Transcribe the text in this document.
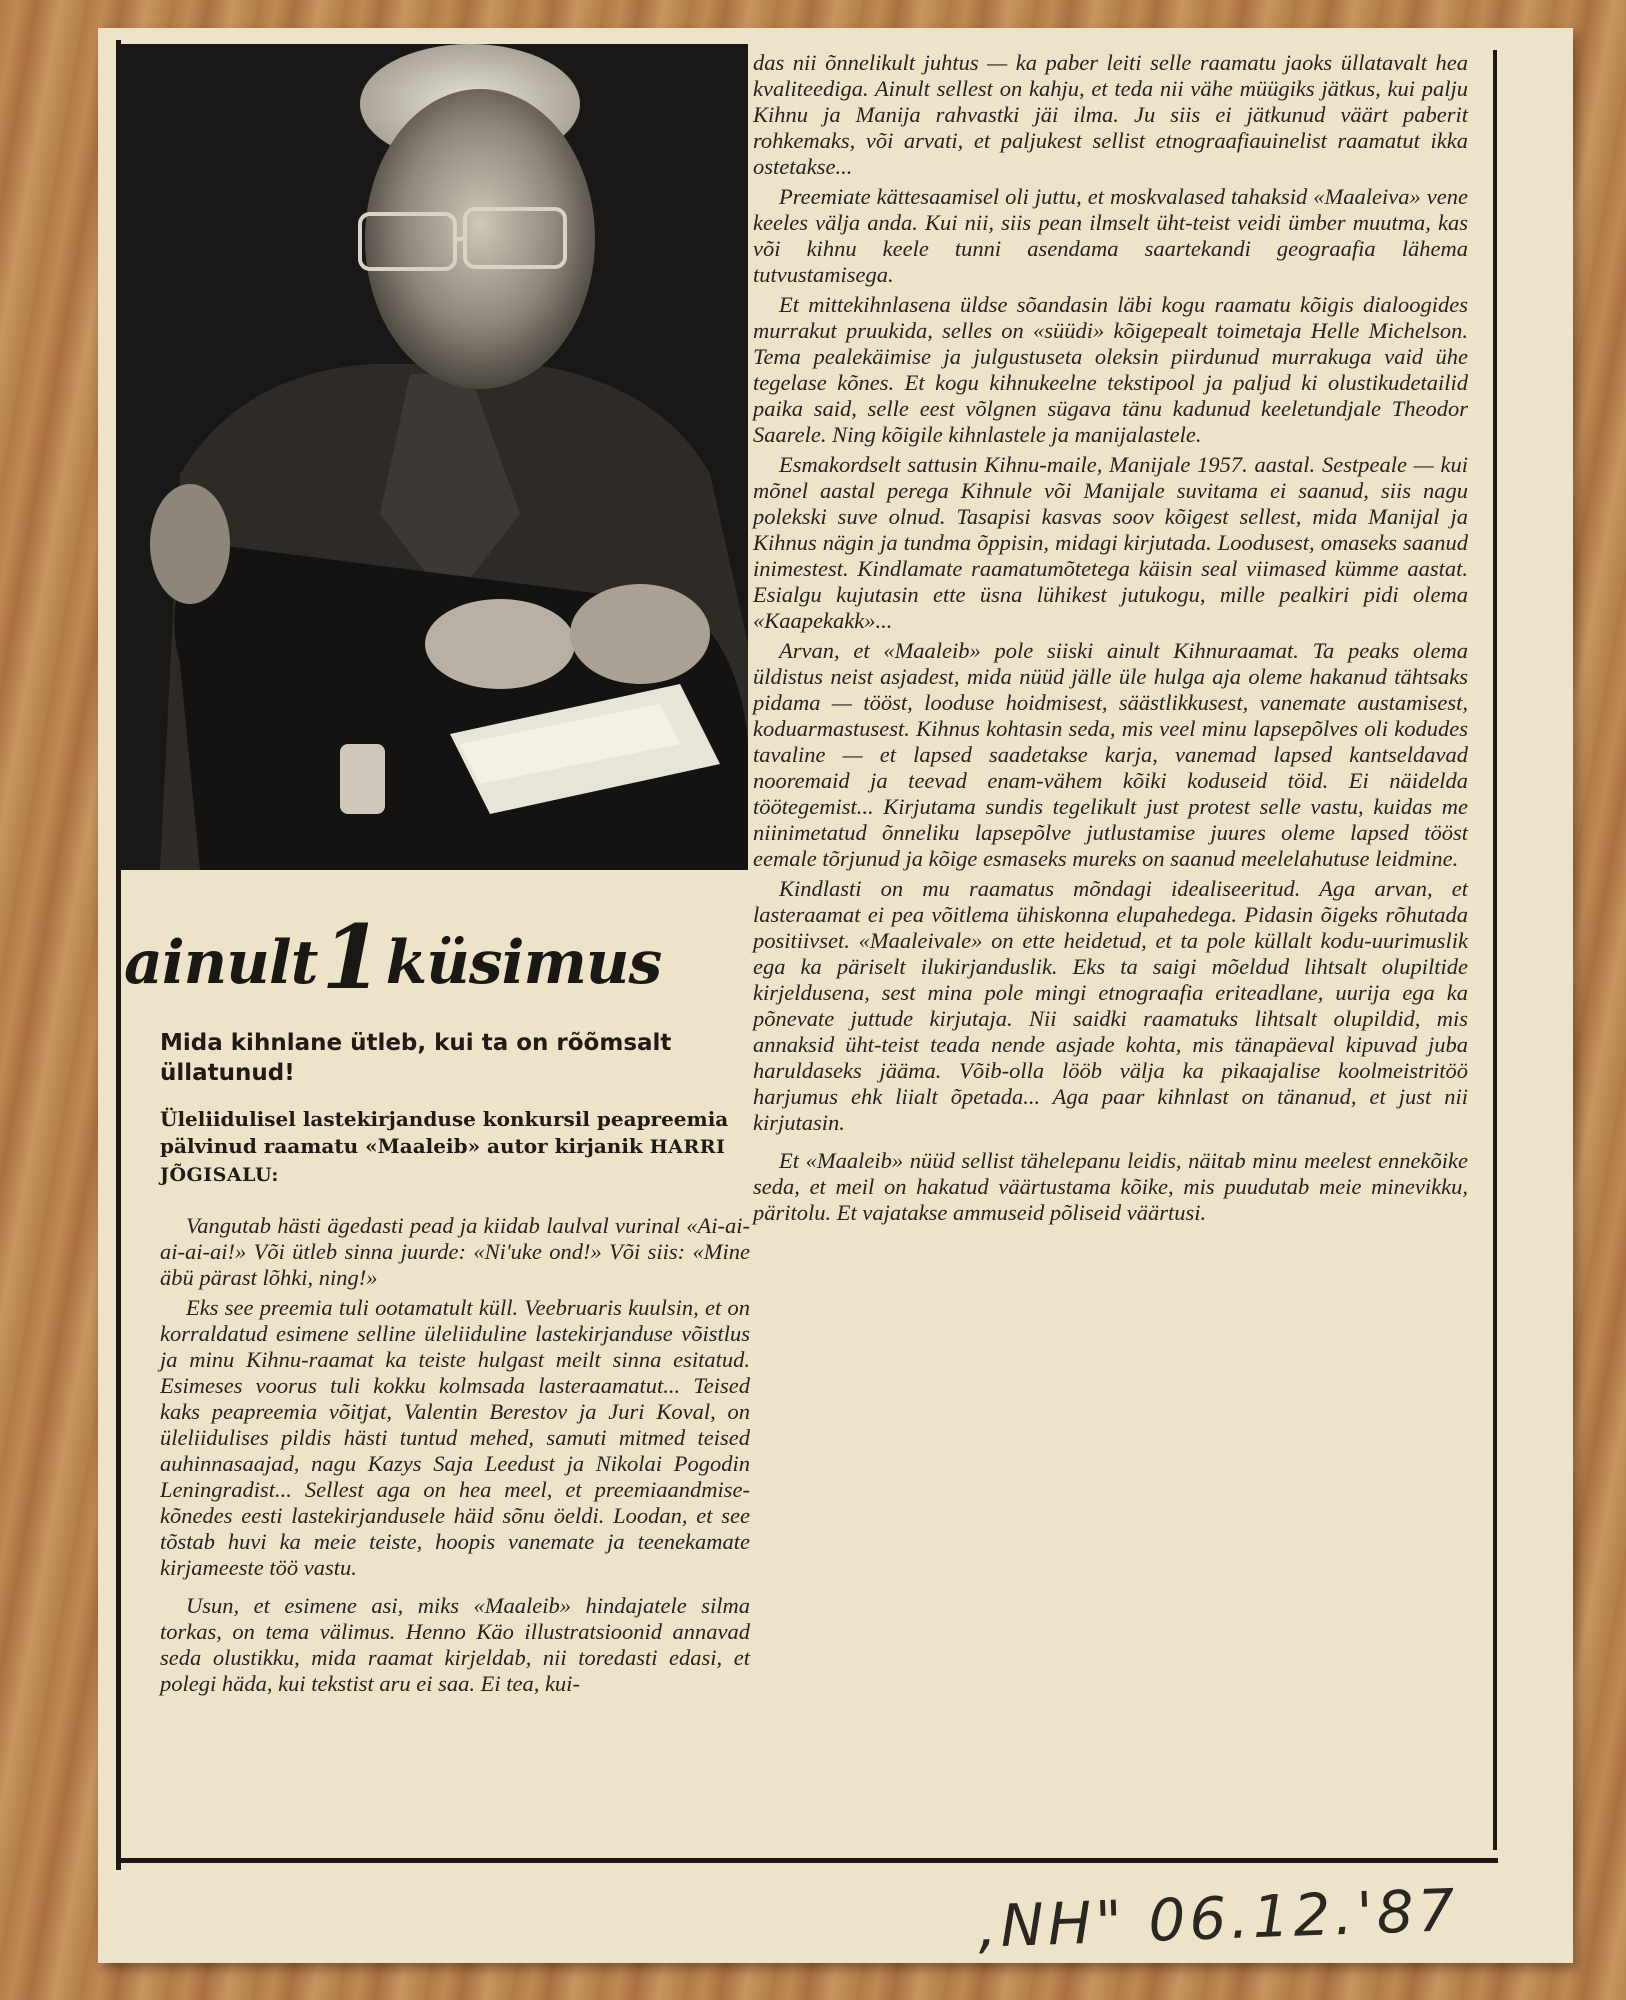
ainult 1 küsimus
Mida kihnlane ütleb, kui ta on rõõmsalt üllatunud!
Üleliidulisel lastekirjanduse konkursil peapreemia pälvinud raamatu «Maaleib» autor kirjanik HARRI JÕGISALU:

Vangutab hästi ägedasti pead ja kiidab laulval vurinal «Ai-ai-ai-ai-ai!» Või ütleb sinna juurde: «Ni'uke ond!» Või siis: «Mine äbü pärast lõhki, ning!»

Eks see preemia tuli ootamatult küll. Veebruaris kuulsin, et on korraldatud esimene selline üleliiduline lastekirjanduse võistlus ja minu Kihnu-raamat ka teiste hulgast meilt sinna esitatud. Esimeses voorus tuli kokku kolmsada lasteraamatut... Teised kaks peapreemia võitjat, Valentin Berestov ja Juri Koval, on üleliidulises pildis hästi tuntud mehed, samuti mitmed teised auhinnasaajad, nagu Kazys Saja Leedust ja Nikolai Pogodin Leningradist... Sellest aga on hea meel, et preemiaandmise-kõnedes eesti lastekirjandusele häid sõnu öeldi. Loodan, et see tõstab huvi ka meie teiste, hoopis vanemate ja teenekamate kirjameeste töö vastu.

Usun, et esimene asi, miks «Maaleib» hindajatele silma torkas, on tema välimus. Henno Käo illustratsioonid annavad seda olustikku, mida raamat kirjeldab, nii toredasti edasi, et polegi häda, kui tekstist aru ei saa. Ei tea, kui-

das nii õnnelikult juhtus — ka paber leiti selle raamatu jaoks üllatavalt hea kvaliteediga. Ainult sellest on kahju, et teda nii vähe müügiks jätkus, kui palju Kihnu ja Manija rahvastki jäi ilma. Ju siis ei jätkunud väärt paberit rohkemaks, või arvati, et paljukest sellist etnograafiauinelist raamatut ikka ostetakse...

Preemiate kättesaamisel oli juttu, et moskvalased tahaksid «Maaleiva» vene keeles välja anda. Kui nii, siis pean ilmselt üht-teist veidi ümber muutma, kas või kihnu keele tunni asendama saartekandi geograafia lähema tutvustamisega.

Et mittekihnlasena üldse sõandasin läbi kogu raamatu kõigis dialoogides murrakut pruukida, selles on «süüdi» kõigepealt toimetaja Helle Michelson. Tema pealekäimise ja julgustuseta oleksin piirdunud murrakuga vaid ühe tegelase kõnes. Et kogu kihnukeelne tekstipool ja paljud ki olustikudetailid paika said, selle eest võlgnen sügava tänu kadunud keeletundjale Theodor Saarele. Ning kõigile kihnlastele ja manijalastele.

Esmakordselt sattusin Kihnu-maile, Manijale 1957. aastal. Sestpeale — kui mõnel aastal perega Kihnule või Manijale suvitama ei saanud, siis nagu polekski suve olnud. Tasapisi kasvas soov kõigest sellest, mida Manijal ja Kihnus nägin ja tundma õppisin, midagi kirjutada. Loodusest, omaseks saanud inimestest. Kindlamate raamatumõtetega käisin seal viimased kümme aastat. Esialgu kujutasin ette üsna lühikest jutukogu, mille pealkiri pidi olema «Kaapekakk»...

Arvan, et «Maaleib» pole siiski ainult Kihnuraamat. Ta peaks olema üldistus neist asjadest, mida nüüd jälle üle hulga aja oleme hakanud tähtsaks pidama — tööst, looduse hoidmisest, säästlikkusest, vanemate austamisest, koduarmastusest. Kihnus kohtasin seda, mis veel minu lapsepõlves oli kodudes tavaline — et lapsed saadetakse karja, vanemad lapsed kantseldavad nooremaid ja teevad enam-vähem kõiki koduseid töid. Ei näidelda töötegemist... Kirjutama sundis tegelikult just protest selle vastu, kuidas me niinimetatud õnneliku lapsepõlve jutlustamise juures oleme lapsed tööst eemale tõrjunud ja kõige esmaseks mureks on saanud meelelahutuse leidmine.

Kindlasti on mu raamatus mõndagi idealiseeritud. Aga arvan, et lasteraamat ei pea võitlema ühiskonna elupahedega. Pidasin õigeks rõhutada positiivset. «Maaleivale» on ette heidetud, et ta pole küllalt kodu-uurimuslik ega ka päriselt ilukirjanduslik. Eks ta saigi mõeldud lihtsalt olupiltide kirjeldusena, sest mina pole mingi etnograafia eriteadlane, uurija ega ka põnevate juttude kirjutaja. Nii saidki raamatuks lihtsalt olupildid, mis annaksid üht-teist teada nende asjade kohta, mis tänapäeval kipuvad juba haruldaseks jääma. Võib-olla lööb välja ka pikaajalise koolmeistritöö harjumus ehk liialt õpetada... Aga paar kihnlast on tänanud, et just nii kirjutasin.

Et «Maaleib» nüüd sellist tähelepanu leidis, näitab minu meelest ennekõike seda, et meil on hakatud väärtustama kõike, mis puudutab meie minevikku, päritolu. Et vajatakse ammuseid põliseid väärtusi.

,NH" 06.12.'87
